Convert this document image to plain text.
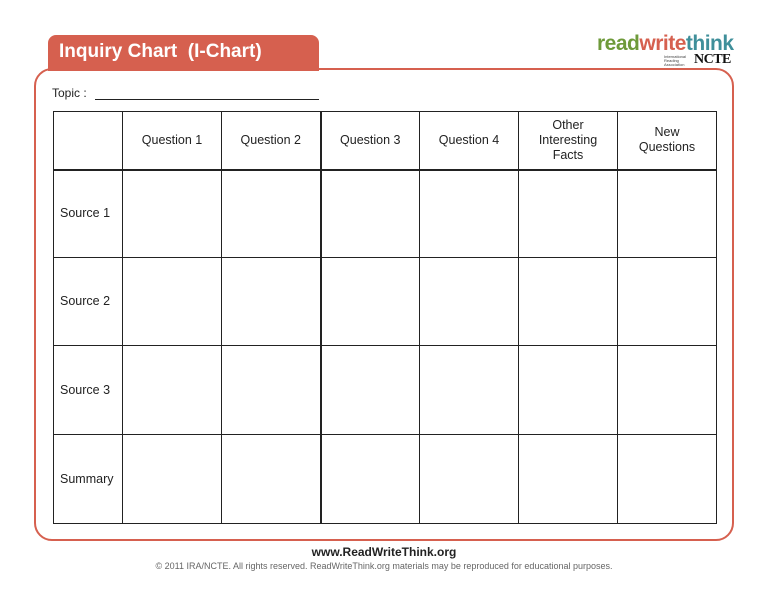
Inquiry Chart  (I-Chart)	readwritethink
International Reading Association NCTE
Topic :
	Question 1	Question 2	Question 3	Question 4	Other Interesting Facts	New Questions

Source 1						
Source 2						
Source 3						
Summary						
www.ReadWriteThink.org
© 2011 IRA/NCTE. All rights reserved. ReadWriteThink.org materials may be reproduced for educational purposes.
